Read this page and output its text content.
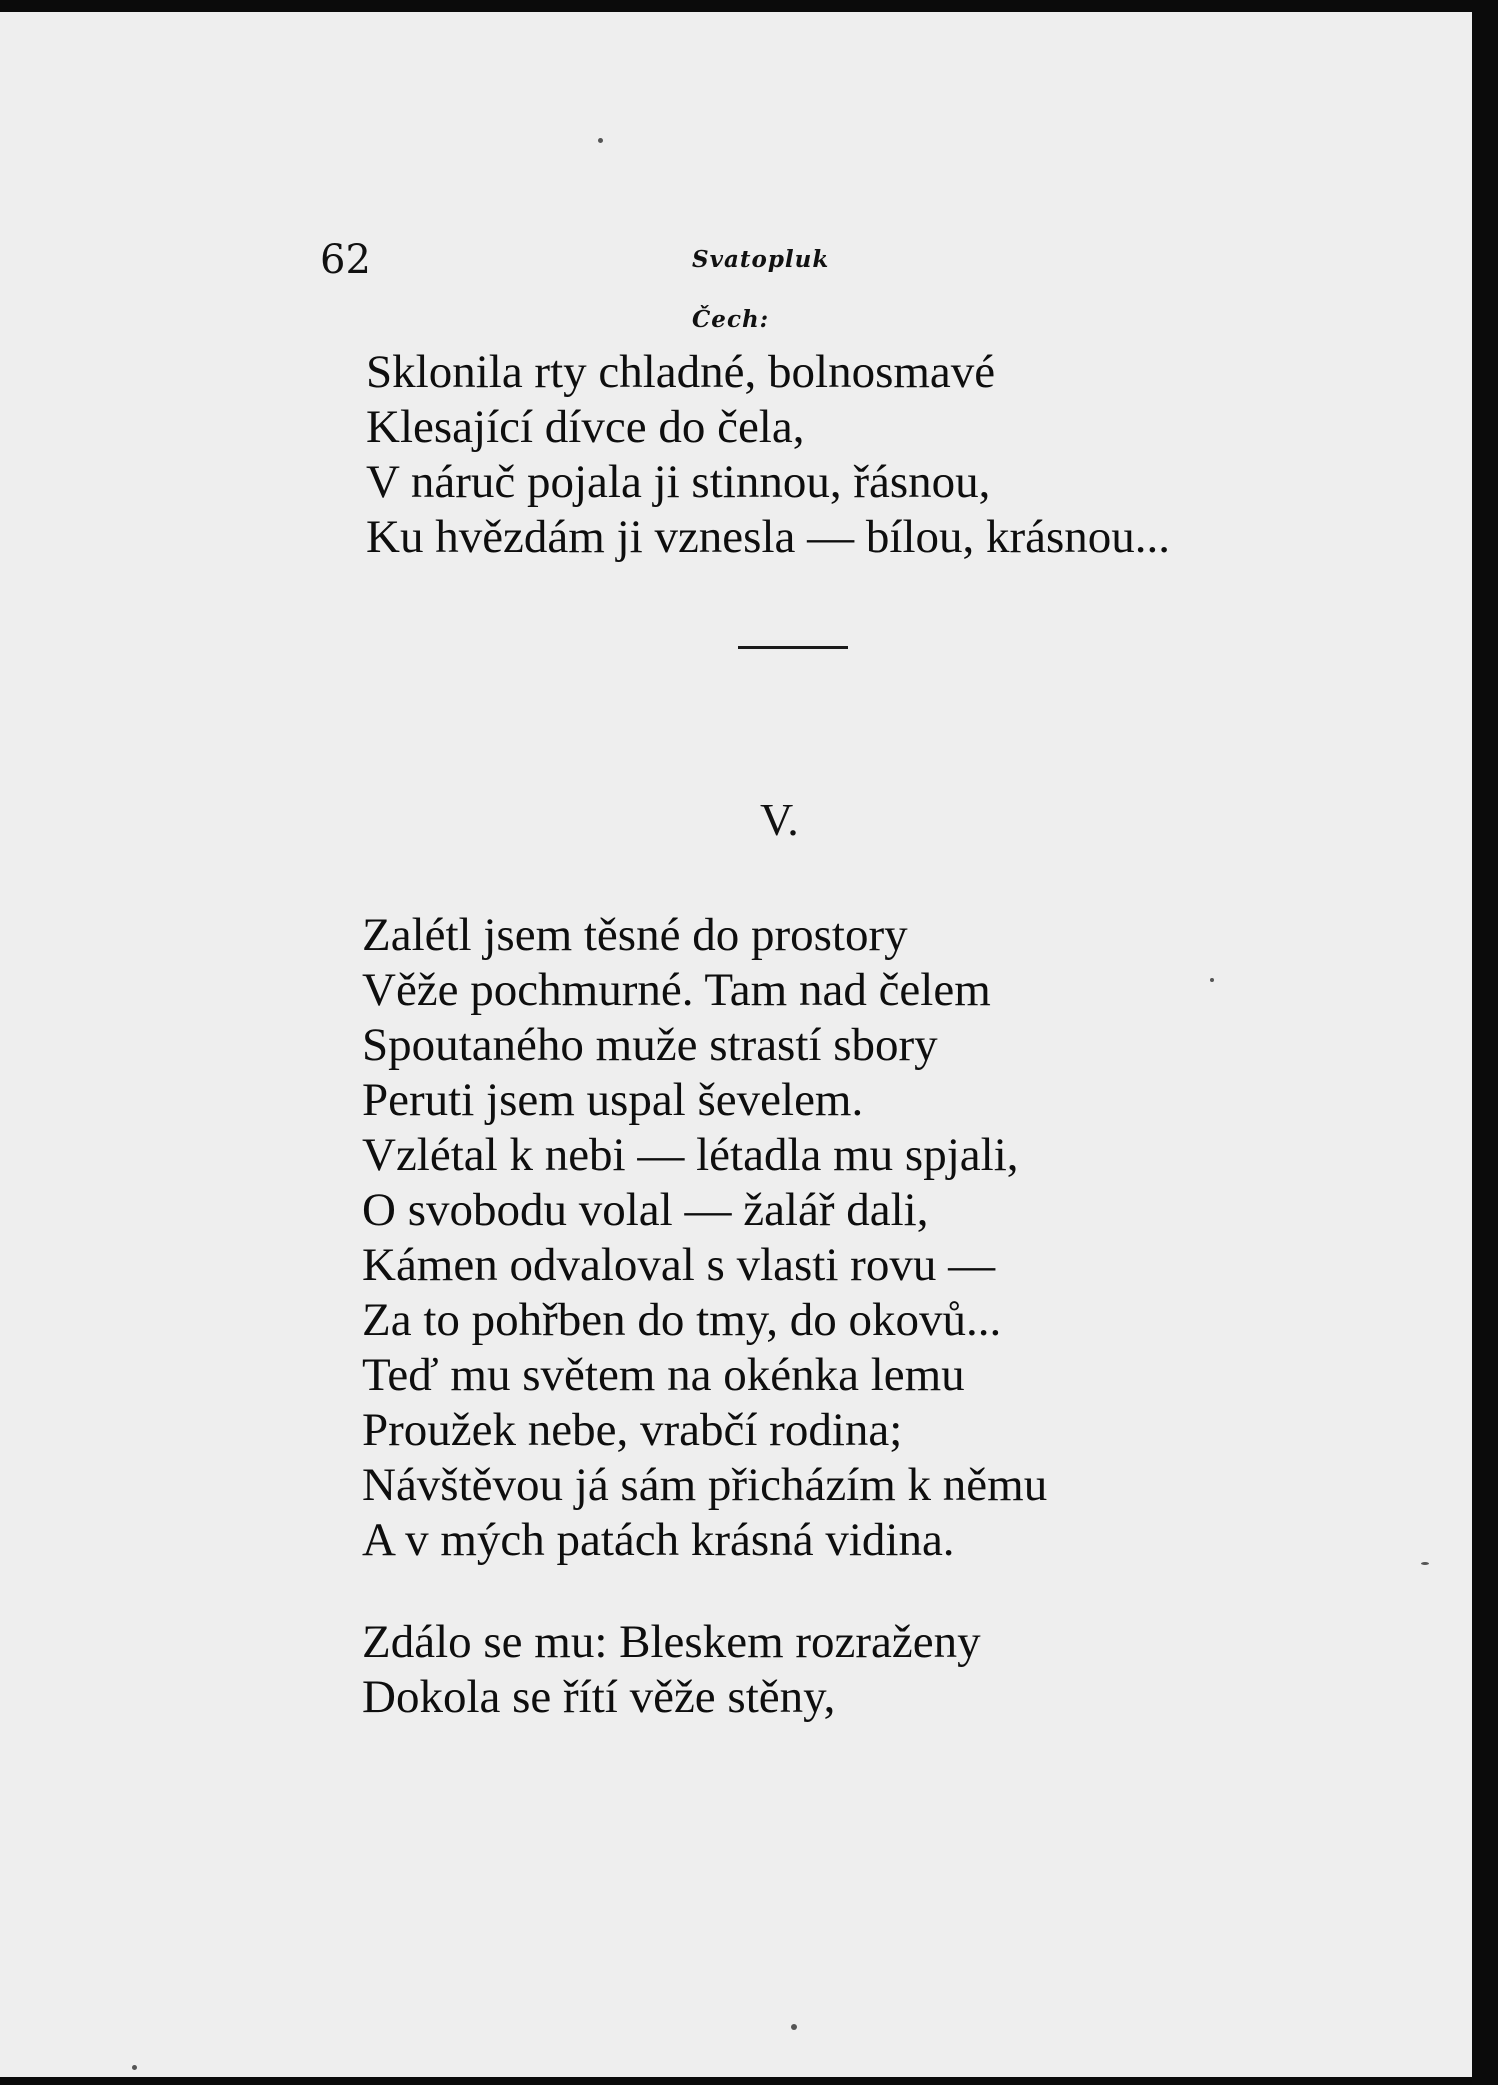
62	Svatopluk Čech:
Sklonila rty chladné, bolnosmavé
Klesající dívce do čela,
V náruč pojala ji stinnou, řásnou,
Ku hvězdám ji vznesla — bílou, krásnou...
V.
Zalétl jsem těsné do prostory
Věže pochmurné. Tam nad čelem
Spoutaného muže strastí sbory
Peruti jsem uspal ševelem.
Vzlétal k nebi — létadla mu spjali,
O svobodu volal — žalář dali,
Kámen odvaloval s vlasti rovu —
Za to pohřben do tmy, do okovů...
Teď mu světem na okénka lemu
Proužek nebe, vrabčí rodina;
Návštěvou já sám přicházím k němu
A v mých patách krásná vidina.
Zdálo se mu: Bleskem rozraženy
Dokola se řítí věže stěny,
